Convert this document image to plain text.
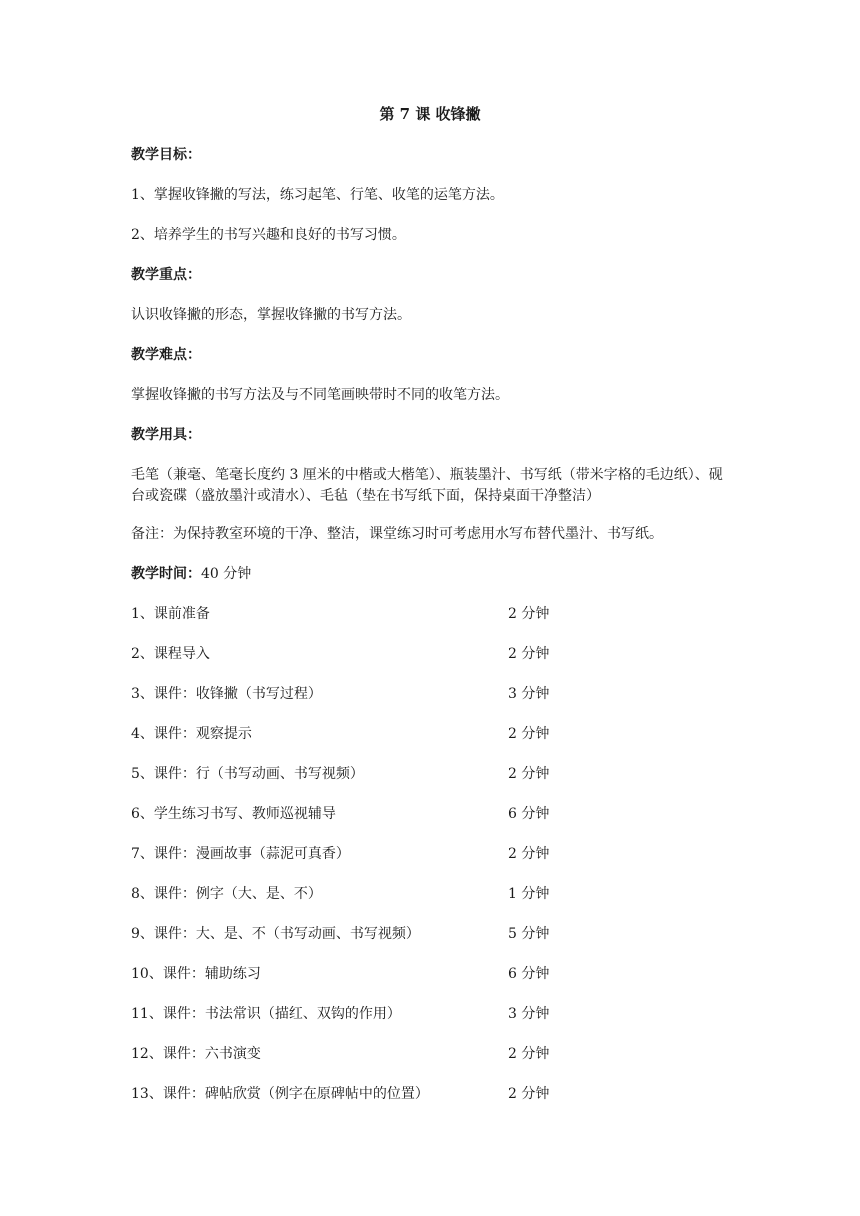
第 7 课 收锋撇
教学目标：
1、掌握收锋撇的写法，练习起笔、行笔、收笔的运笔方法。
2、培养学生的书写兴趣和良好的书写习惯。
教学重点：
认识收锋撇的形态，掌握收锋撇的书写方法。
教学难点：
掌握收锋撇的书写方法及与不同笔画映带时不同的收笔方法。
教学用具：
毛笔（兼毫、笔毫长度约 3 厘米的中楷或大楷笔）、瓶装墨汁、书写纸（带米字格的毛边纸）、砚台或瓷碟（盛放墨汁或清水）、毛毡（垫在书写纸下面，保持桌面干净整洁）
备注：为保持教室环境的干净、整洁，课堂练习时可考虑用水写布替代墨汁、书写纸。
教学时间：40 分钟
1、课前准备	2 分钟
2、课程导入	2 分钟
3、课件：收锋撇（书写过程）	3 分钟
4、课件：观察提示	2 分钟
5、课件：行（书写动画、书写视频）	2 分钟
6、学生练习书写、教师巡视辅导	6 分钟
7、课件：漫画故事（蒜泥可真香）	2 分钟
8、课件：例字（大、是、不）	1 分钟
9、课件：大、是、不（书写动画、书写视频）	5 分钟
10、课件：辅助练习	6 分钟
11、课件：书法常识（描红、双钩的作用）	3 分钟
12、课件：六书演变	2 分钟
13、课件：碑帖欣赏（例字在原碑帖中的位置）	2 分钟
